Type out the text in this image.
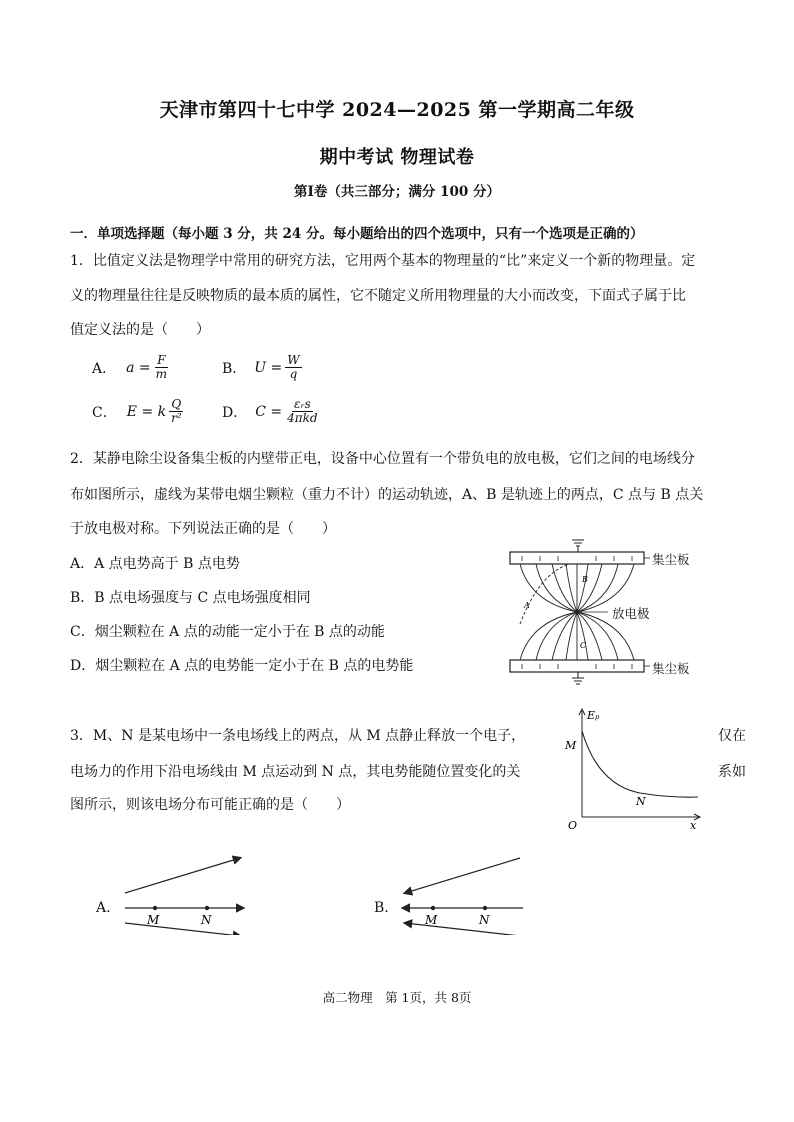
天津市第四十七中学 2024—2025 第一学期高二年级
期中考试 物理试卷
第Ⅰ卷（共三部分；满分 100 分）
一．单项选择题（每小题 3 分，共 24 分。每小题给出的四个选项中，只有一个选项是正确的）
1．比值定义法是物理学中常用的研究方法，它用两个基本的物理量的“比”来定义一个新的物理量。定
义的物理量往往是反映物质的最本质的属性，它不随定义所用物理量的大小而改变，下面式子属于比
值定义法的是（　　）
A． $a = \frac{F}{m}$	B． $U = \frac{W}{q}$
C． E = k $\frac{Q}{\text{r²}}$	D． $C = \frac{\text{εᵣs}}{\text{4πkd}}$
2．某静电除尘设备集尘板的内壁带正电，设备中心位置有一个带负电的放电极，它们之间的电场线分
布如图所示，虚线为某带电烟尘颗粒（重力不计）的运动轨迹，A、B 是轨迹上的两点，C 点与 B 点关
于放电极对称。下列说法正确的是（　　）
A．A 点电势高于 B 点电势
B．B 点电场强度与 C 点电场强度相同
C．烟尘颗粒在 A 点的动能一定小于在 B 点的动能
D．烟尘颗粒在 A 点的电势能一定小于在 B 点的电势能
A
B
C
集尘板
放电极
集尘板
3．M、N 是某电场中一条电场线上的两点，从 M 点静止释放一个电子，	仅在
电场力的作用下沿电场线由 M 点运动到 N 点，其电势能随位置变化的关	系如
图所示，则该电场分布可能正确的是（　　）
Eₚ
x
O
M
N
A.
M	N
B.
M	N
高二物理　第 1页，共 8页
